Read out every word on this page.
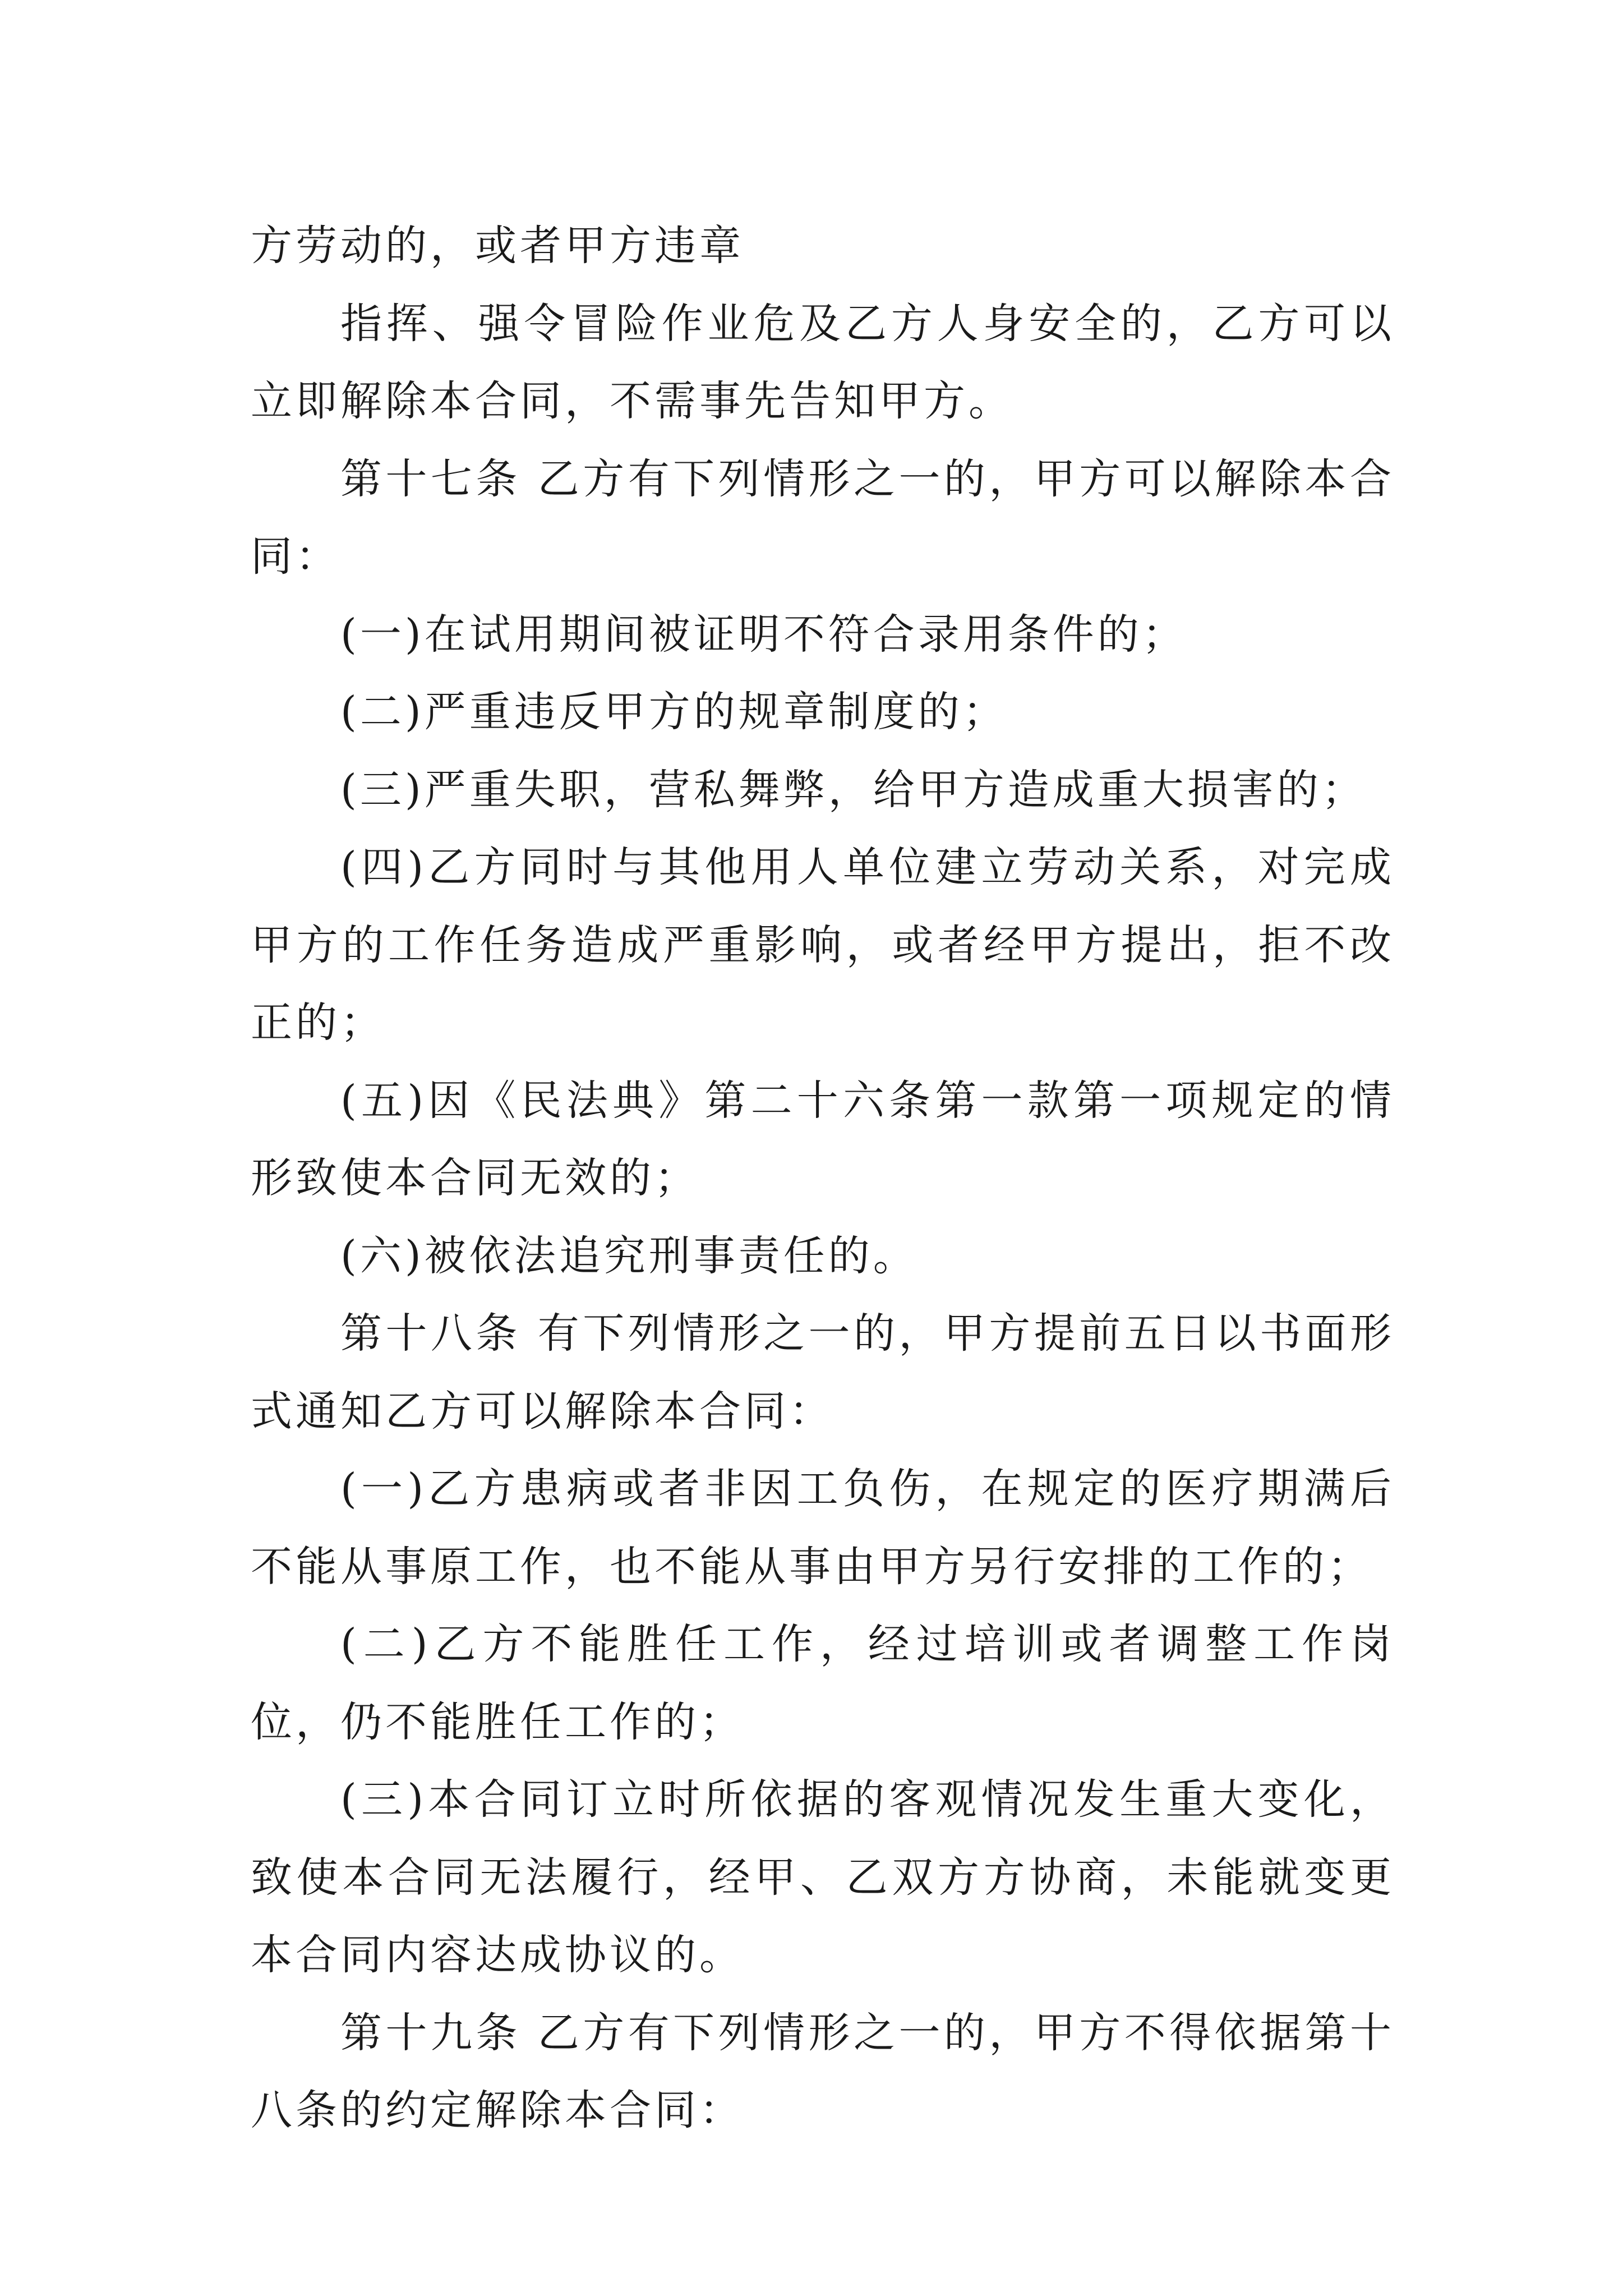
方劳动的，或者甲方违章

指挥、强令冒险作业危及乙方人身安全的，乙方可以立即解除本合同，不需事先告知甲方。

第十七条 乙方有下列情形之一的，甲方可以解除本合同：

(一)在试用期间被证明不符合录用条件的；

(二)严重违反甲方的规章制度的；

(三)严重失职，营私舞弊，给甲方造成重大损害的；

(四)乙方同时与其他用人单位建立劳动关系，对完成甲方的工作任务造成严重影响，或者经甲方提出，拒不改正的；

(五)因《民法典》第二十六条第一款第一项规定的情形致使本合同无效的；

(六)被依法追究刑事责任的。

第十八条 有下列情形之一的，甲方提前五日以书面形式通知乙方可以解除本合同：

(一)乙方患病或者非因工负伤，在规定的医疗期满后不能从事原工作，也不能从事由甲方另行安排的工作的；

(二)乙方不能胜任工作，经过培训或者调整工作岗位，仍不能胜任工作的；

(三)本合同订立时所依据的客观情况发生重大变化，致使本合同无法履行，经甲、乙双方方协商，未能就变更本合同内容达成协议的。

第十九条 乙方有下列情形之一的，甲方不得依据第十八条的约定解除本合同：
